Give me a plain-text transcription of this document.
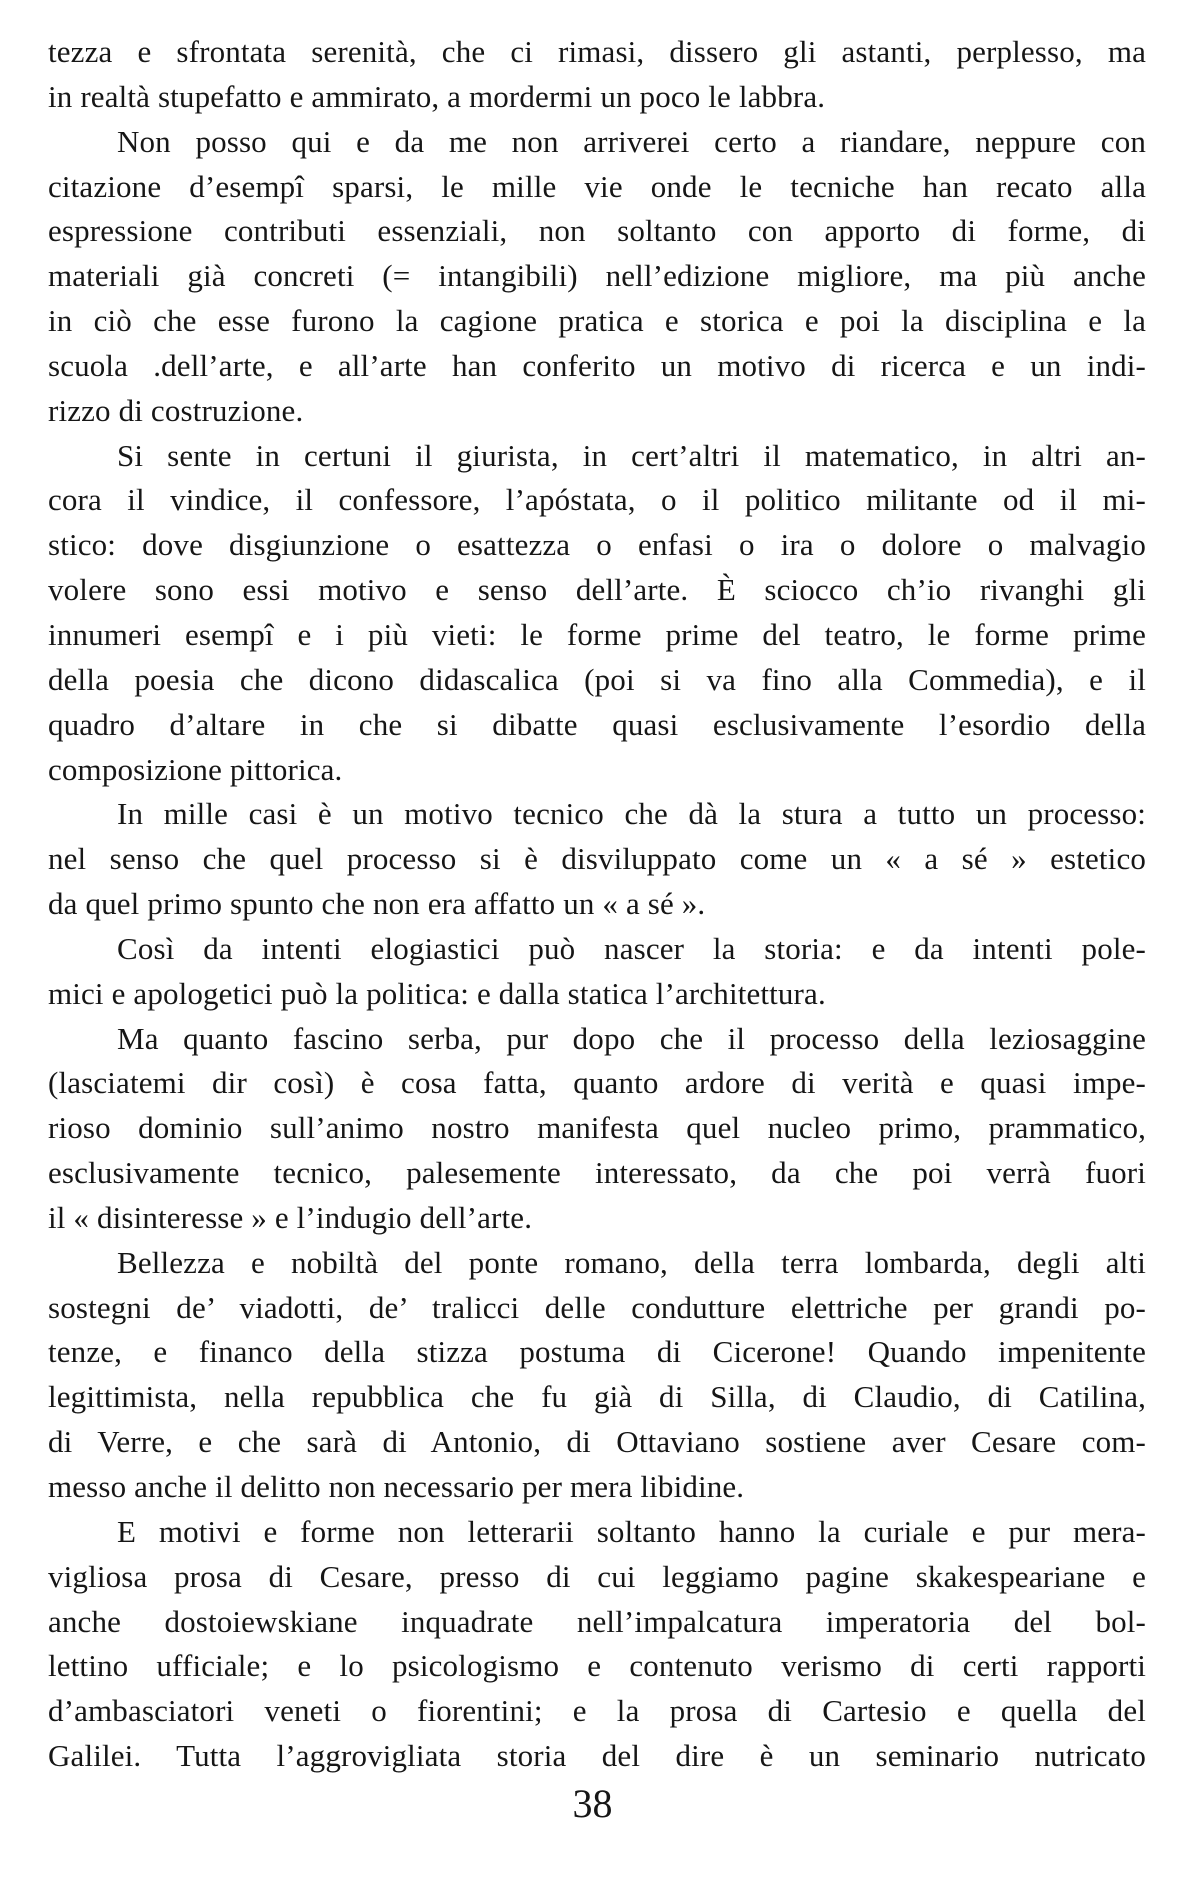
tezza e sfrontata serenità, che ci rimasi, dissero gli astanti, perplesso, ma
in realtà stupefatto e ammirato, a mordermi un poco le labbra.
Non posso qui e da me non arriverei certo a riandare, neppure con
citazione d’esempî sparsi, le mille vie onde le tecniche han recato alla
espressione contributi essenziali, non soltanto con apporto di forme, di
materiali già concreti (= intangibili) nell’edizione migliore, ma più anche
in ciò che esse furono la cagione pratica e storica e poi la disciplina e la
scuola .dell’arte, e all’arte han conferito un motivo di ricerca e un indi-
rizzo di costruzione.
Si sente in certuni il giurista, in cert’altri il matematico, in altri an-
cora il vindice, il confessore, l’apóstata, o il politico militante od il mi-
stico: dove disgiunzione o esattezza o enfasi o ira o dolore o malvagio
volere sono essi motivo e senso dell’arte. È sciocco ch’io rivanghi gli
innumeri esempî e i più vieti: le forme prime del teatro, le forme prime
della poesia che dicono didascalica (poi si va fino alla Commedia), e il
quadro d’altare in che si dibatte quasi esclusivamente l’esordio della
composizione pittorica.
In mille casi è un motivo tecnico che dà la stura a tutto un processo:
nel senso che quel processo si è disviluppato come un « a sé » estetico
da quel primo spunto che non era affatto un « a sé ».
Così da intenti elogiastici può nascer la storia: e da intenti pole-
mici e apologetici può la politica: e dalla statica l’architettura.
Ma quanto fascino serba, pur dopo che il processo della leziosaggine
(lasciatemi dir così) è cosa fatta, quanto ardore di verità e quasi impe-
rioso dominio sull’animo nostro manifesta quel nucleo primo, prammatico,
esclusivamente tecnico, palesemente interessato, da che poi verrà fuori
il « disinteresse » e l’indugio dell’arte.
Bellezza e nobiltà del ponte romano, della terra lombarda, degli alti
sostegni de’ viadotti, de’ tralicci delle condutture elettriche per grandi po-
tenze, e financo della stizza postuma di Cicerone! Quando impenitente
legittimista, nella repubblica che fu già di Silla, di Claudio, di Catilina,
di Verre, e che sarà di Antonio, di Ottaviano sostiene aver Cesare com-
messo anche il delitto non necessario per mera libidine.
E motivi e forme non letterarii soltanto hanno la curiale e pur mera-
vigliosa prosa di Cesare, presso di cui leggiamo pagine skakespeariane e
anche dostoiewskiane inquadrate nell’impalcatura imperatoria del bol-
lettino ufficiale; e lo psicologismo e contenuto verismo di certi rapporti
d’ambasciatori veneti o fiorentini; e la prosa di Cartesio e quella del
Galilei. Tutta l’aggrovigliata storia del dire è un seminario nutricato
38
